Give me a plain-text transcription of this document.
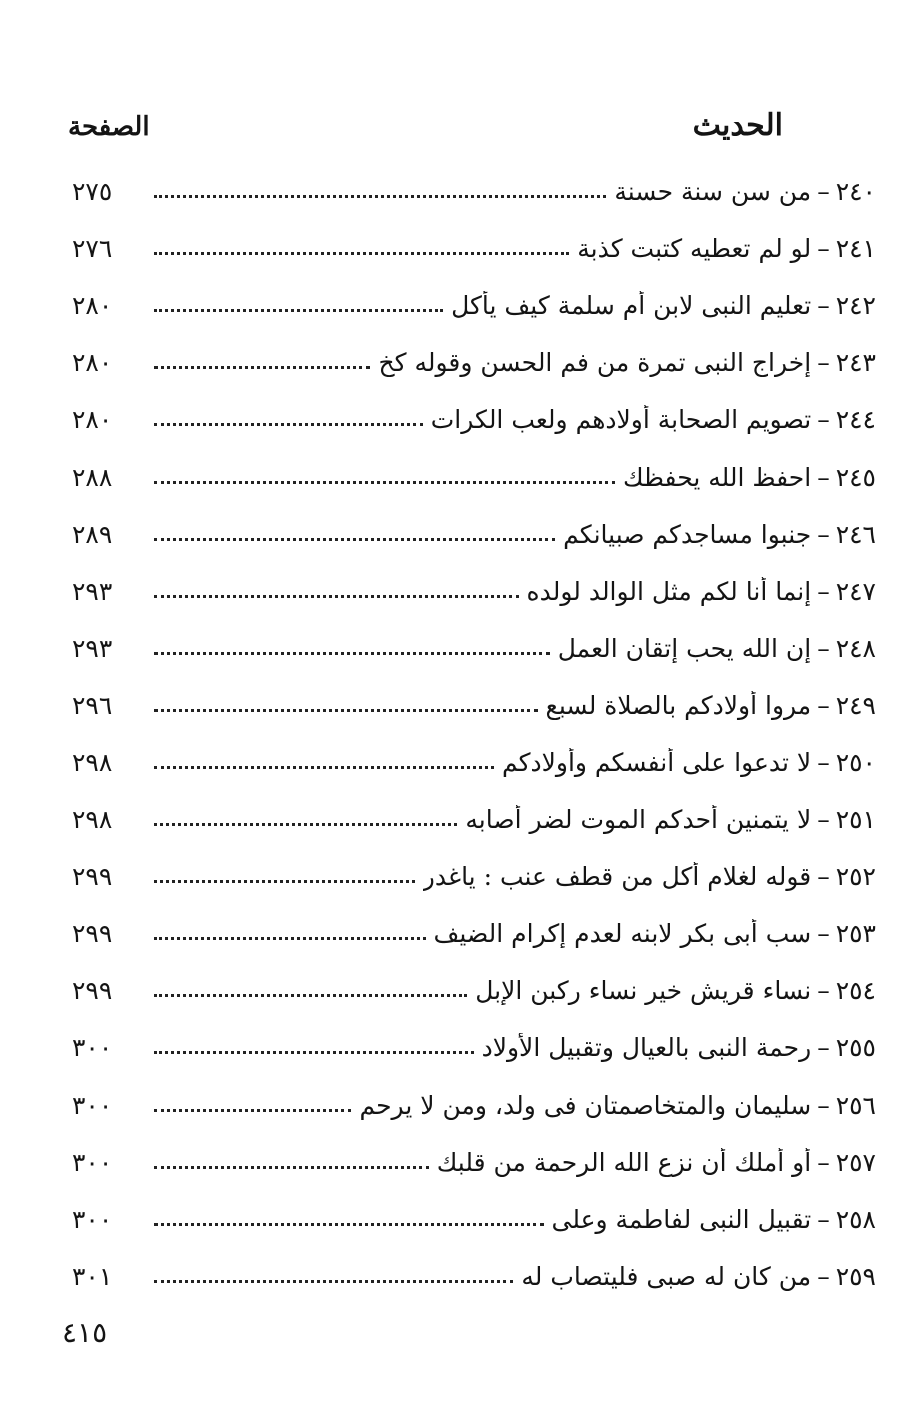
الحديث
الصفحة
٢٤٠
–
من سن سنة حسنة
٢٧٥
٢٤١
–
لو لم تعطيه كتبت كذبة
٢٧٦
٢٤٢
–
تعليم النبى لابن أم سلمة كيف يأكل
٢٨٠
٢٤٣
–
إخراج النبى تمرة من فم الحسن وقوله كخ
٢٨٠
٢٤٤
–
تصويم الصحابة أولادهم ولعب الكرات
٢٨٠
٢٤٥
–
احفظ الله يحفظك
٢٨٨
٢٤٦
–
جنبوا مساجدكم صبيانكم
٢٨٩
٢٤٧
–
إنما أنا لكم مثل الوالد لولده
٢٩٣
٢٤٨
–
إن الله يحب إتقان العمل
٢٩٣
٢٤٩
–
مروا أولادكم بالصلاة لسبع
٢٩٦
٢٥٠
–
لا تدعوا على أنفسكم وأولادكم
٢٩٨
٢٥١
–
لا يتمنين أحدكم الموت لضر أصابه
٢٩٨
٢٥٢
–
قوله لغلام أكل من قطف عنب : ياغدر
٢٩٩
٢٥٣
–
سب أبى بكر لابنه لعدم إكرام الضيف
٢٩٩
٢٥٤
–
نساء قريش خير نساء ركبن الإبل
٢٩٩
٢٥٥
–
رحمة النبى بالعيال وتقبيل الأولاد
٣٠٠
٢٥٦
–
سليمان والمتخاصمتان فى ولد، ومن لا يرحم
٣٠٠
٢٥٧
–
أو أملك أن نزع الله الرحمة من قلبك
٣٠٠
٢٥٨
–
تقبيل النبى لفاطمة وعلى
٣٠٠
٢٥٩
–
من كان له صبى فليتصاب له
٣٠١
٤١٥
